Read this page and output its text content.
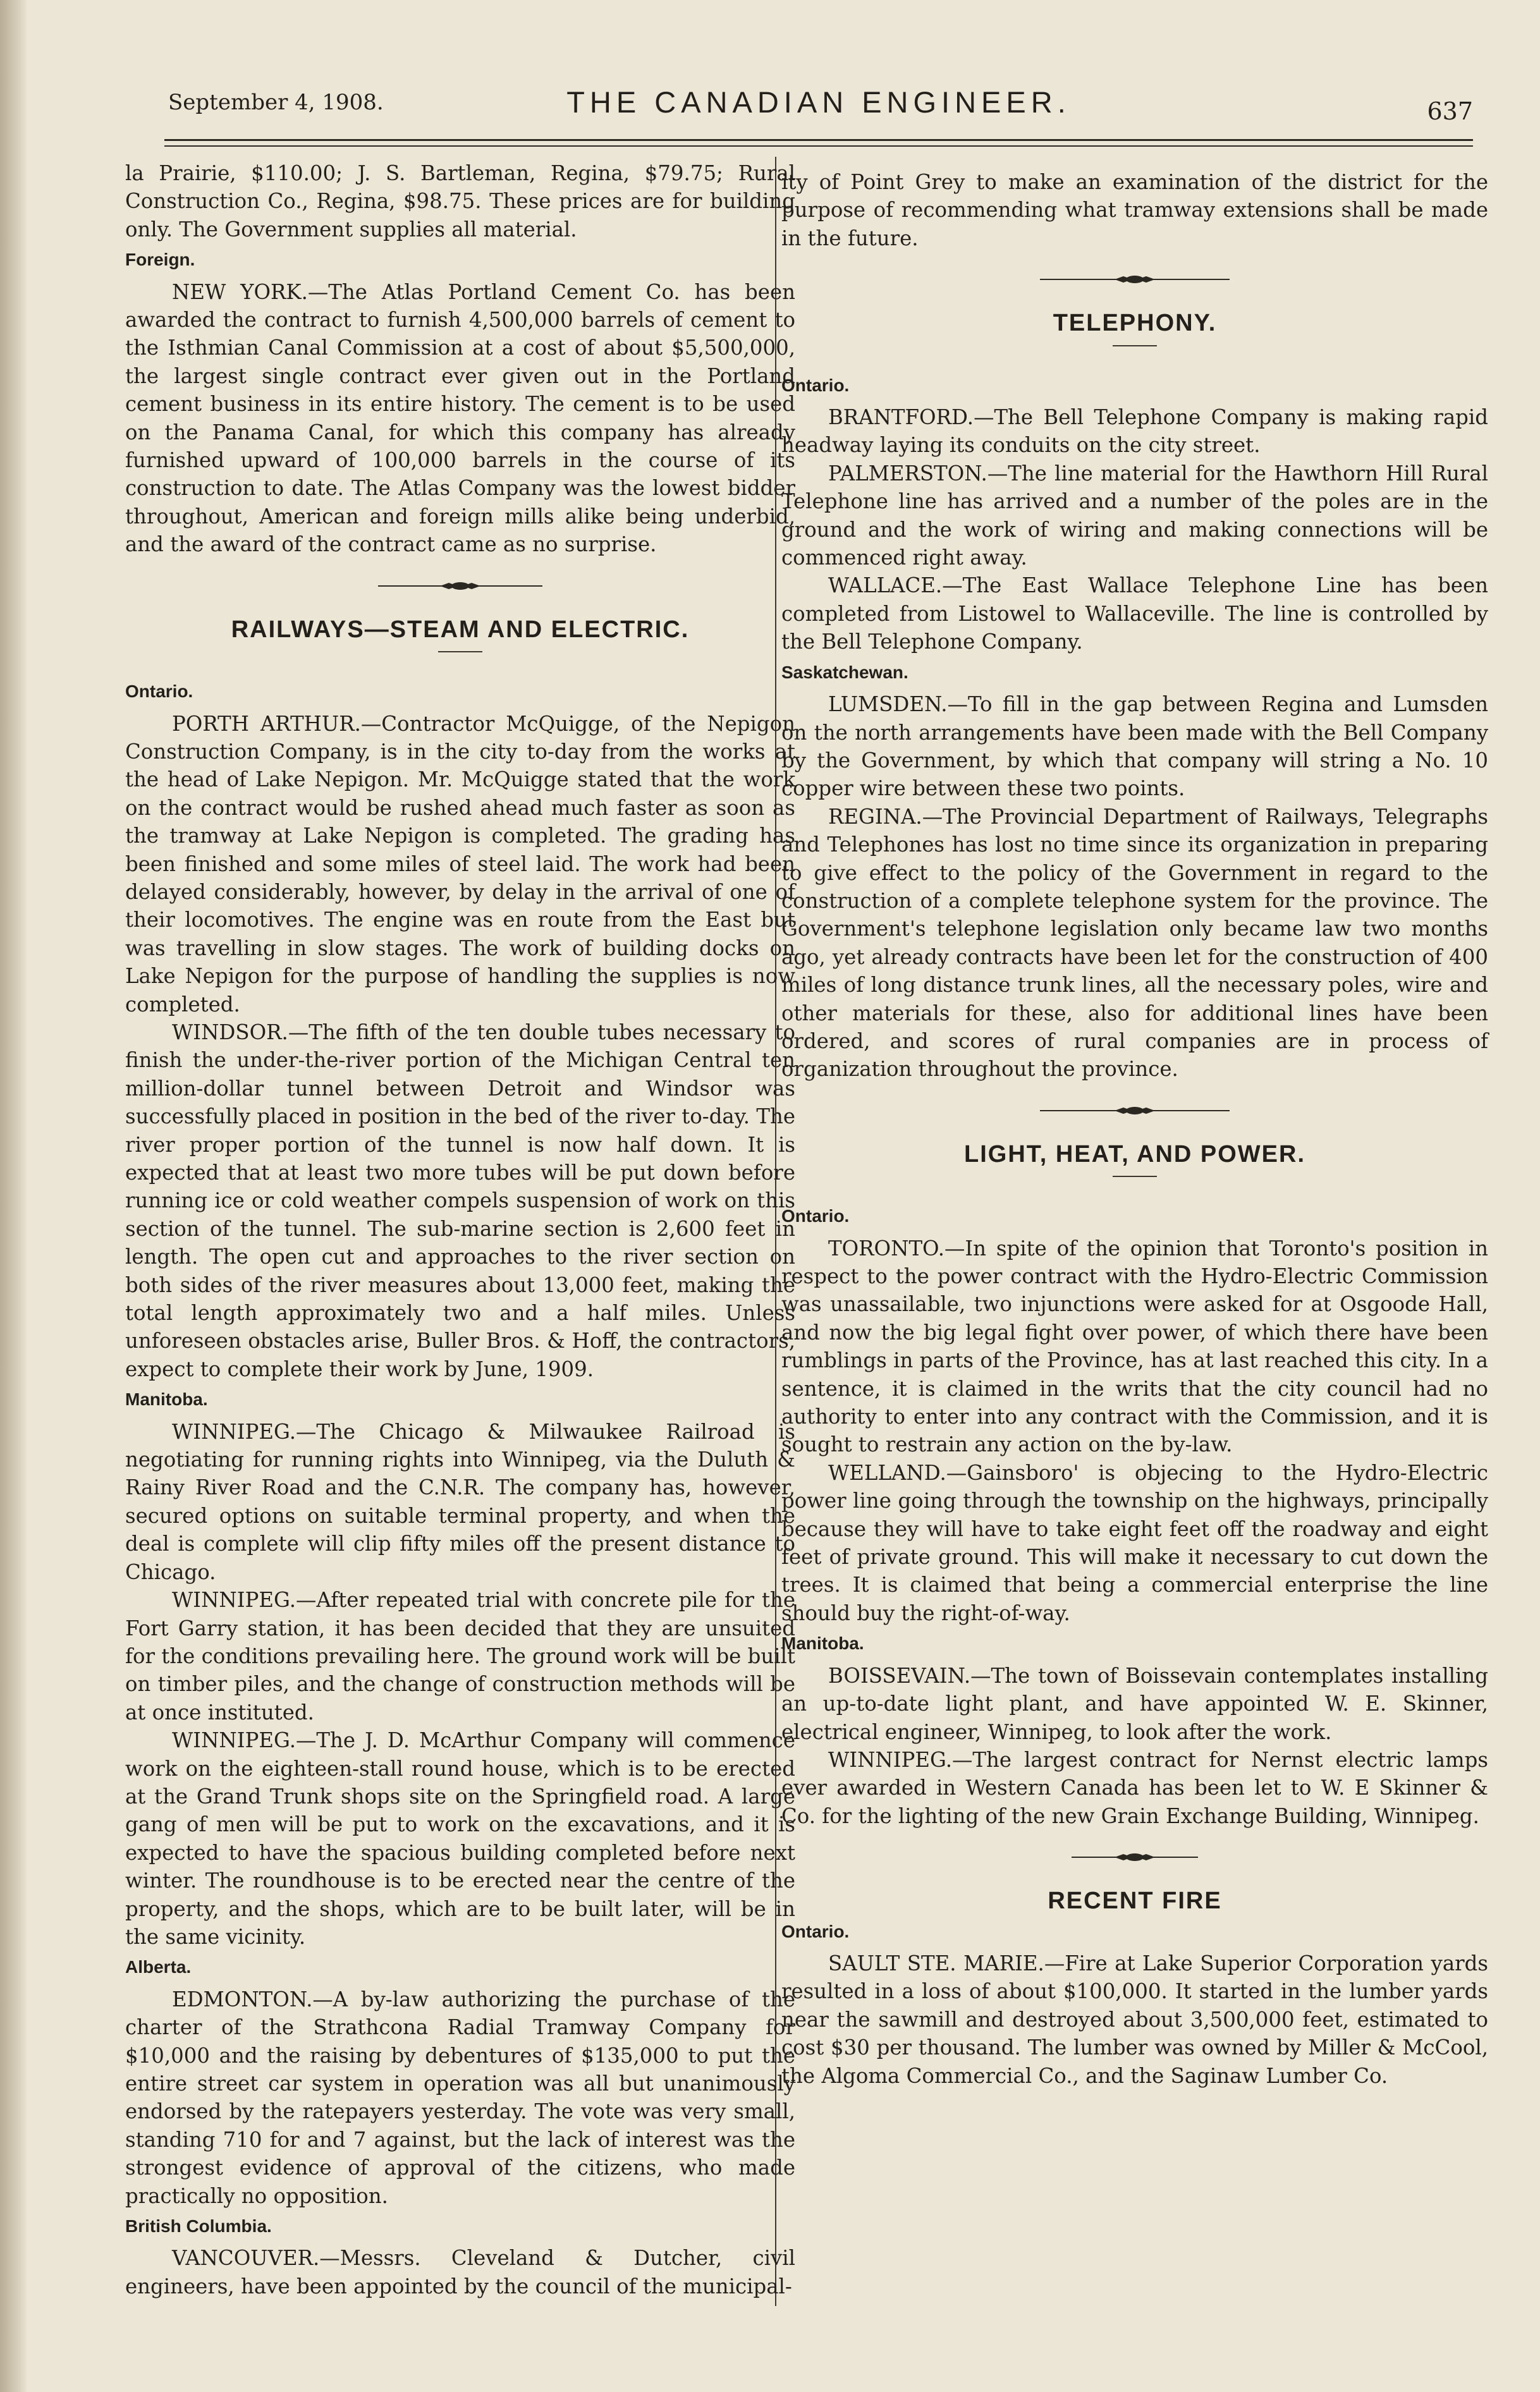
September 4, 1908.	THE CANADIAN ENGINEER.	637

la Prairie, $110.00; J. S. Bartleman, Regina, $79.75; Rural Construction Co., Regina, $98.75. These prices are for building only. The Government supplies all material.

Foreign.

NEW YORK.—The Atlas Portland Cement Co. has been awarded the contract to furnish 4,500,000 barrels of cement to the Isthmian Canal Commission at a cost of about $5,500,000, the largest single contract ever given out in the Portland cement business in its entire history. The cement is to be used on the Panama Canal, for which this company has already furnished upward of 100,000 barrels in the course of its construction to date. The Atlas Company was the lowest bidder throughout, American and foreign mills alike being underbid, and the award of the contract came as no surprise.

RAILWAYS—STEAM AND ELECTRIC.
Ontario.

PORTH ARTHUR.—Contractor McQuigge, of the Nepigon Construction Company, is in the city to-day from the works at the head of Lake Nepigon. Mr. McQuigge stated that the work on the contract would be rushed ahead much faster as soon as the tramway at Lake Nepigon is completed. The grading has been finished and some miles of steel laid. The work had been delayed considerably, however, by delay in the arrival of one of their locomotives. The engine was en route from the East but was travelling in slow stages. The work of building docks on Lake Nepigon for the purpose of handling the supplies is now completed.

WINDSOR.—The fifth of the ten double tubes necessary to finish the under-the-river portion of the Michigan Central ten million-dollar tunnel between Detroit and Windsor was successfully placed in position in the bed of the river to-day. The river proper portion of the tunnel is now half down. It is expected that at least two more tubes will be put down before running ice or cold weather compels suspension of work on this section of the tunnel. The sub-marine section is 2,600 feet in length. The open cut and approaches to the river section on both sides of the river measures about 13,000 feet, making the total length approximately two and a half miles. Unless unforeseen obstacles arise, Buller Bros. & Hoff, the contractors, expect to complete their work by June, 1909.

Manitoba.

WINNIPEG.—The Chicago & Milwaukee Railroad is negotiating for running rights into Winnipeg, via the Duluth & Rainy River Road and the C.N.R. The company has, however, secured options on suitable terminal property, and when the deal is complete will clip fifty miles off the present distance to Chicago.

WINNIPEG.—After repeated trial with concrete pile for the Fort Garry station, it has been decided that they are unsuited for the conditions prevailing here. The ground work will be built on timber piles, and the change of construction methods will be at once instituted.

WINNIPEG.—The J. D. McArthur Company will commence work on the eighteen-stall round house, which is to be erected at the Grand Trunk shops site on the Springfield road. A large gang of men will be put to work on the excavations, and it is expected to have the spacious building completed before next winter. The roundhouse is to be erected near the centre of the property, and the shops, which are to be built later, will be in the same vicinity.

Alberta.

EDMONTON.—A by-law authorizing the purchase of the charter of the Strathcona Radial Tramway Company for $10,000 and the raising by debentures of $135,000 to put the entire street car system in operation was all but unanimously endorsed by the ratepayers yesterday. The vote was very small, standing 710 for and 7 against, but the lack of interest was the strongest evidence of approval of the citizens, who made practically no opposition.

British Columbia.

VANCOUVER.—Messrs. Cleveland & Dutcher, civil engineers, have been appointed by the council of the municipal-

ity of Point Grey to make an examination of the district for the purpose of recommending what tramway extensions shall be made in the future.

TELEPHONY.
Ontario.

BRANTFORD.—The Bell Telephone Company is making rapid headway laying its conduits on the city street.

PALMERSTON.—The line material for the Hawthorn Hill Rural Telephone line has arrived and a number of the poles are in the ground and the work of wiring and making connections will be commenced right away.

WALLACE.—The East Wallace Telephone Line has been completed from Listowel to Wallaceville. The line is controlled by the Bell Telephone Company.

Saskatchewan.

LUMSDEN.—To fill in the gap between Regina and Lumsden on the north arrangements have been made with the Bell Company by the Government, by which that company will string a No. 10 copper wire between these two points.

REGINA.—The Provincial Department of Railways, Telegraphs and Telephones has lost no time since its organization in preparing to give effect to the policy of the Government in regard to the construction of a complete telephone system for the province. The Government's telephone legislation only became law two months ago, yet already contracts have been let for the construction of 400 miles of long distance trunk lines, all the necessary poles, wire and other materials for these, also for additional lines have been ordered, and scores of rural companies are in process of organization throughout the province.

LIGHT, HEAT, AND POWER.
Ontario.

TORONTO.—In spite of the opinion that Toronto's position in respect to the power contract with the Hydro-Electric Commission was unassailable, two injunctions were asked for at Osgoode Hall, and now the big legal fight over power, of which there have been rumblings in parts of the Province, has at last reached this city. In a sentence, it is claimed in the writs that the city council had no authority to enter into any contract with the Commission, and it is sought to restrain any action on the by-law.

WELLAND.—Gainsboro' is objecing to the Hydro-Electric power line going through the township on the highways, principally because they will have to take eight feet off the roadway and eight feet of private ground. This will make it necessary to cut down the trees. It is claimed that being a commercial enterprise the line should buy the right-of-way.

Manitoba.

BOISSEVAIN.—The town of Boissevain contemplates installing an up-to-date light plant, and have appointed W. E. Skinner, electrical engineer, Winnipeg, to look after the work.

WINNIPEG.—The largest contract for Nernst electric lamps ever awarded in Western Canada has been let to W. E Skinner & Co. for the lighting of the new Grain Exchange Building, Winnipeg.

RECENT FIRE
Ontario.

SAULT STE. MARIE.—Fire at Lake Superior Corporation yards resulted in a loss of about $100,000. It started in the lumber yards near the sawmill and destroyed about 3,500,000 feet, estimated to cost $30 per thousand. The lumber was owned by Miller & McCool, the Algoma Commercial Co., and the Saginaw Lumber Co.
